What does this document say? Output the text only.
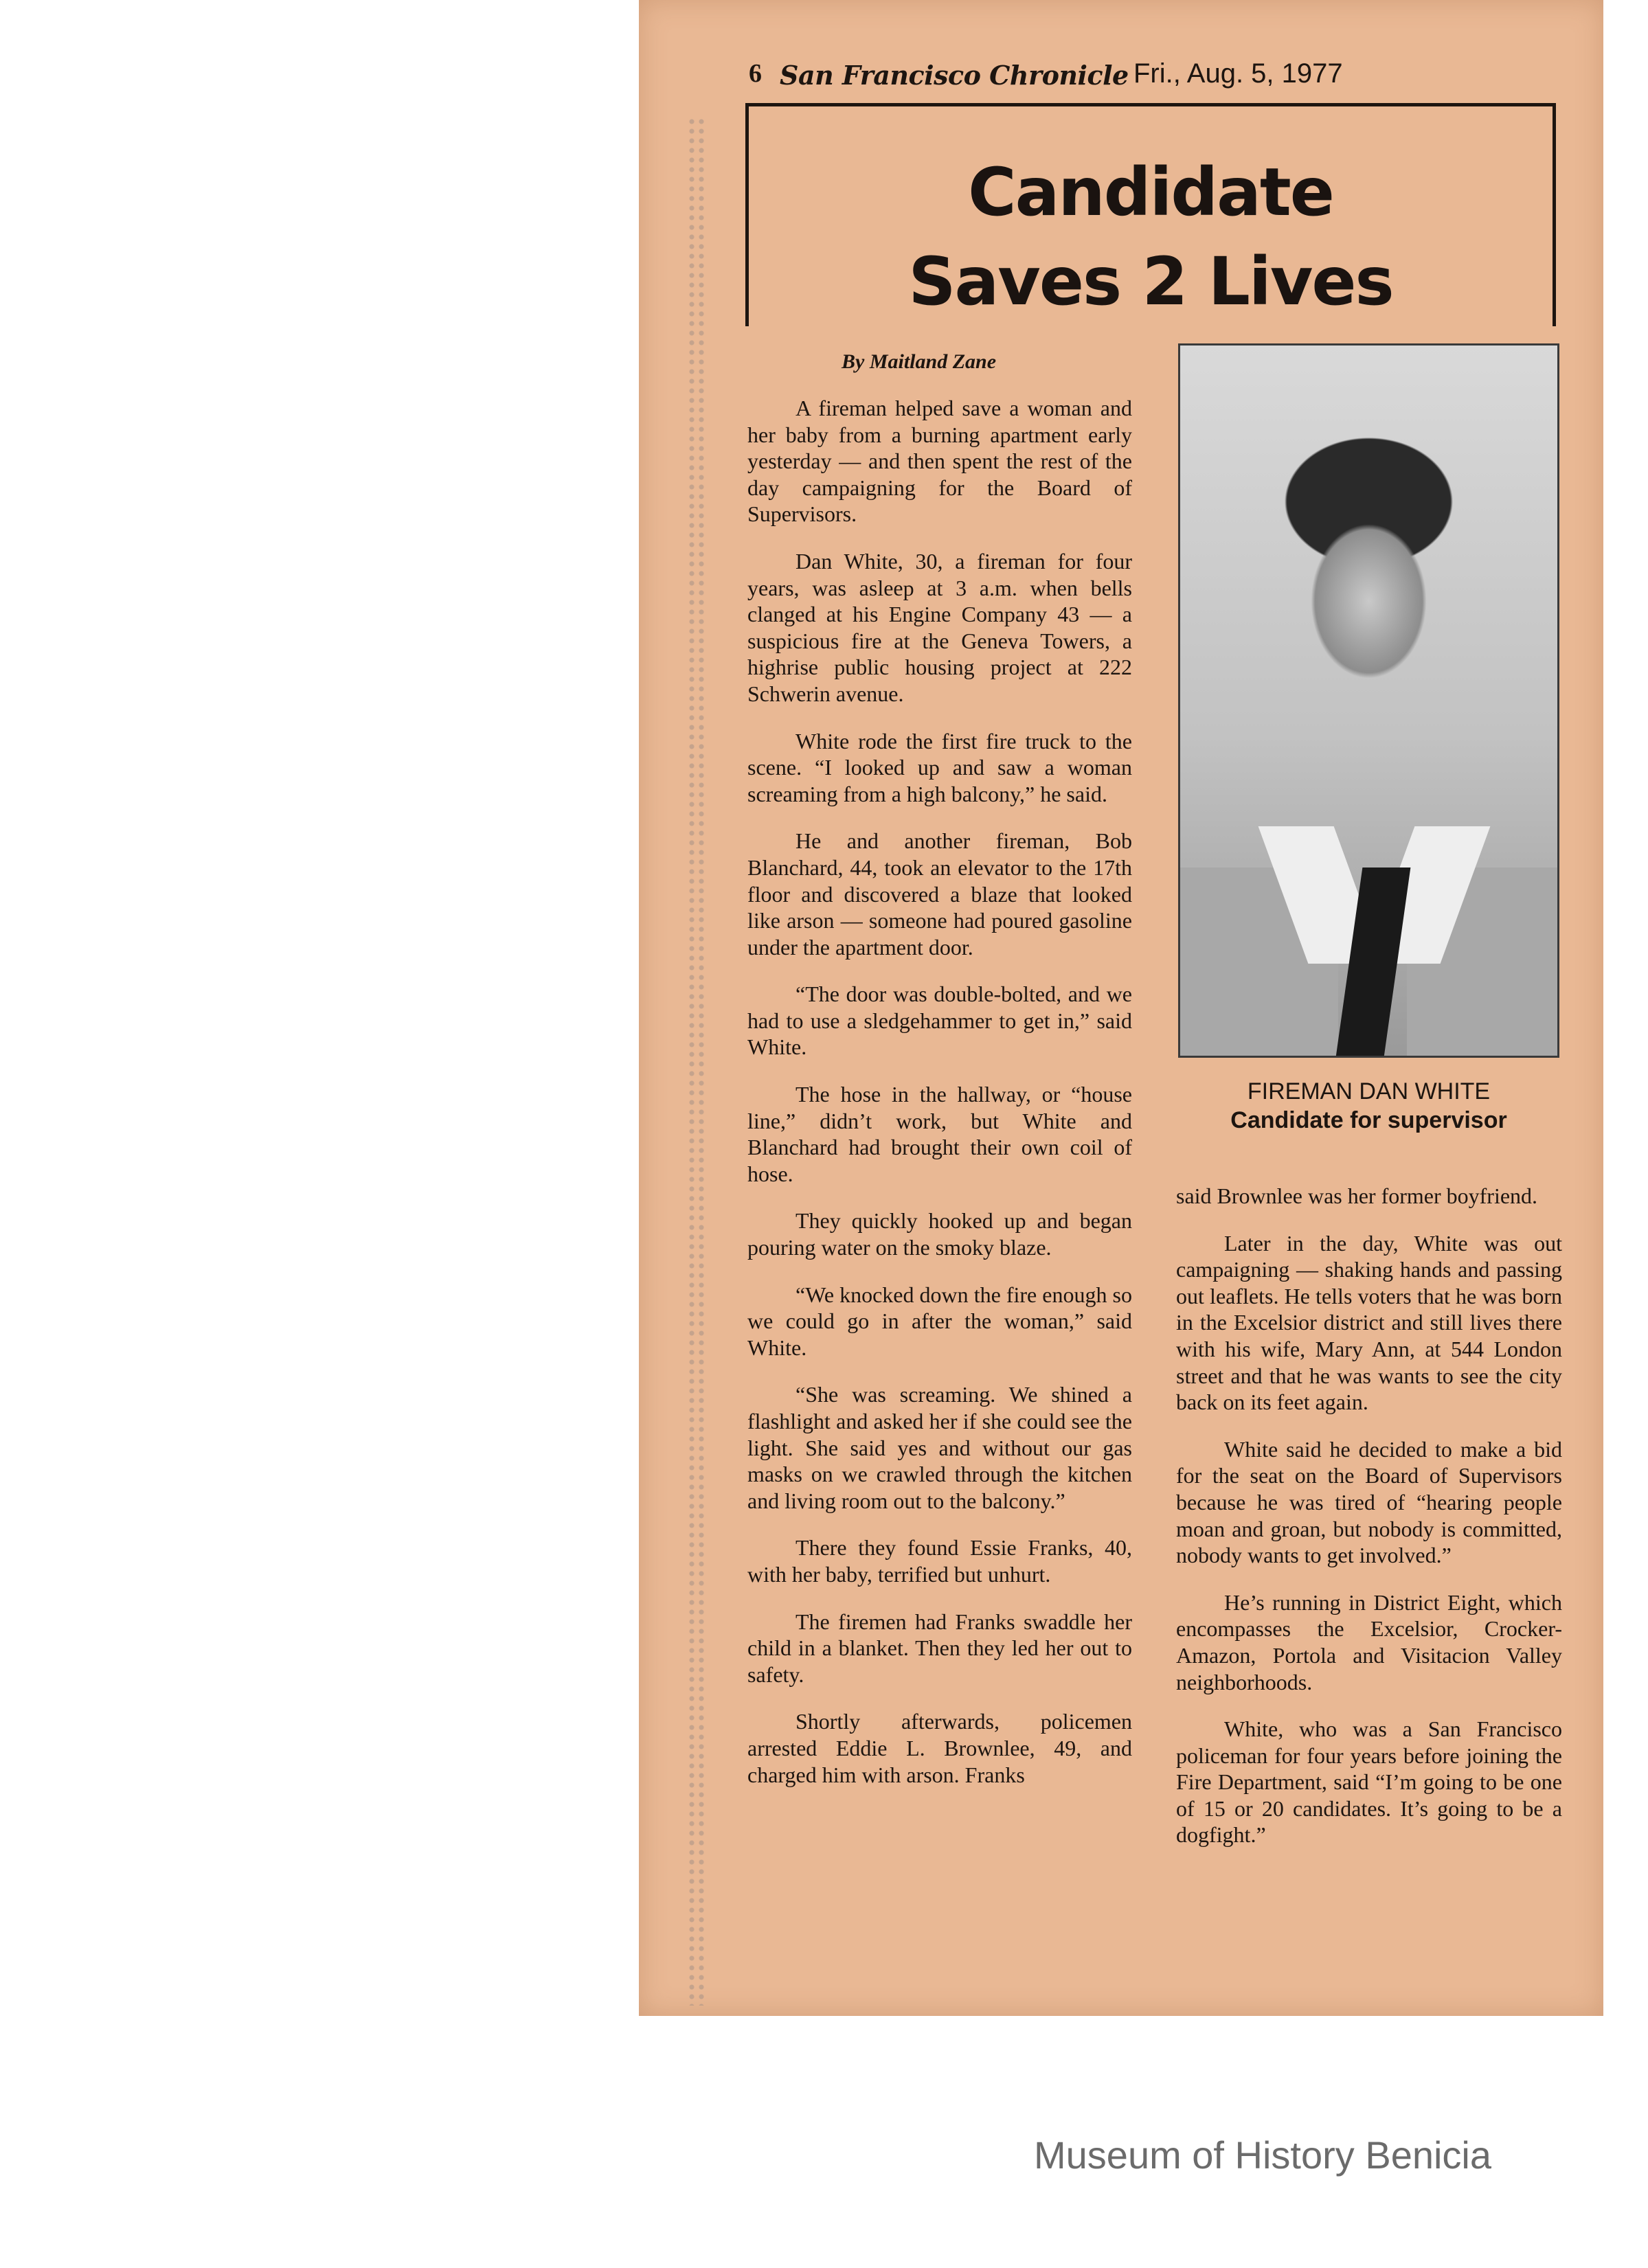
6 San Francisco Chronicle Fri., Aug. 5, 1977
Candidate
Saves 2 Lives
By Maitland Zane

A fireman helped save a woman and her baby from a burning apartment early yesterday — and then spent the rest of the day campaigning for the Board of Supervisors.

Dan White, 30, a fireman for four years, was asleep at 3 a.m. when bells clanged at his Engine Company 43 — a suspicious fire at the Geneva Towers, a highrise public housing project at 222 Schwerin avenue.

White rode the first fire truck to the scene. “I looked up and saw a woman screaming from a high balcony,” he said.

He and another fireman, Bob Blanchard, 44, took an elevator to the 17th floor and discovered a blaze that looked like arson — someone had poured gasoline under the apartment door.

“The door was double-bolted, and we had to use a sledgehammer to get in,” said White.

The hose in the hallway, or “house line,” didn’t work, but White and Blanchard had brought their own coil of hose.

They quickly hooked up and began pouring water on the smoky blaze.

“We knocked down the fire enough so we could go in after the woman,” said White.

“She was screaming. We shined a flashlight and asked her if she could see the light. She said yes and without our gas masks on we crawled through the kitchen and living room out to the balcony.”

There they found Essie Franks, 40, with her baby, terrified but unhurt.

The firemen had Franks swaddle her child in a blanket. Then they led her out to safety.

Shortly afterwards, policemen arrested Eddie L. Brownlee, 49, and charged him with arson. Franks

FIREMAN DAN WHITE
Candidate for supervisor

said Brownlee was her former boyfriend.

Later in the day, White was out campaigning — shaking hands and passing out leaflets. He tells voters that he was born in the Excelsior district and still lives there with his wife, Mary Ann, at 544 London street and that he was wants to see the city back on its feet again.

White said he decided to make a bid for the seat on the Board of Supervisors because he was tired of “hearing people moan and groan, but nobody is committed, nobody wants to get involved.”

He’s running in District Eight, which encompasses the Excelsior, Crocker-Amazon, Portola and Visitacion Valley neighborhoods.

White, who was a San Francisco policeman for four years before joining the Fire Department, said “I’m going to be one of 15 or 20 candidates. It’s going to be a dogfight.”

Museum of History Benicia
